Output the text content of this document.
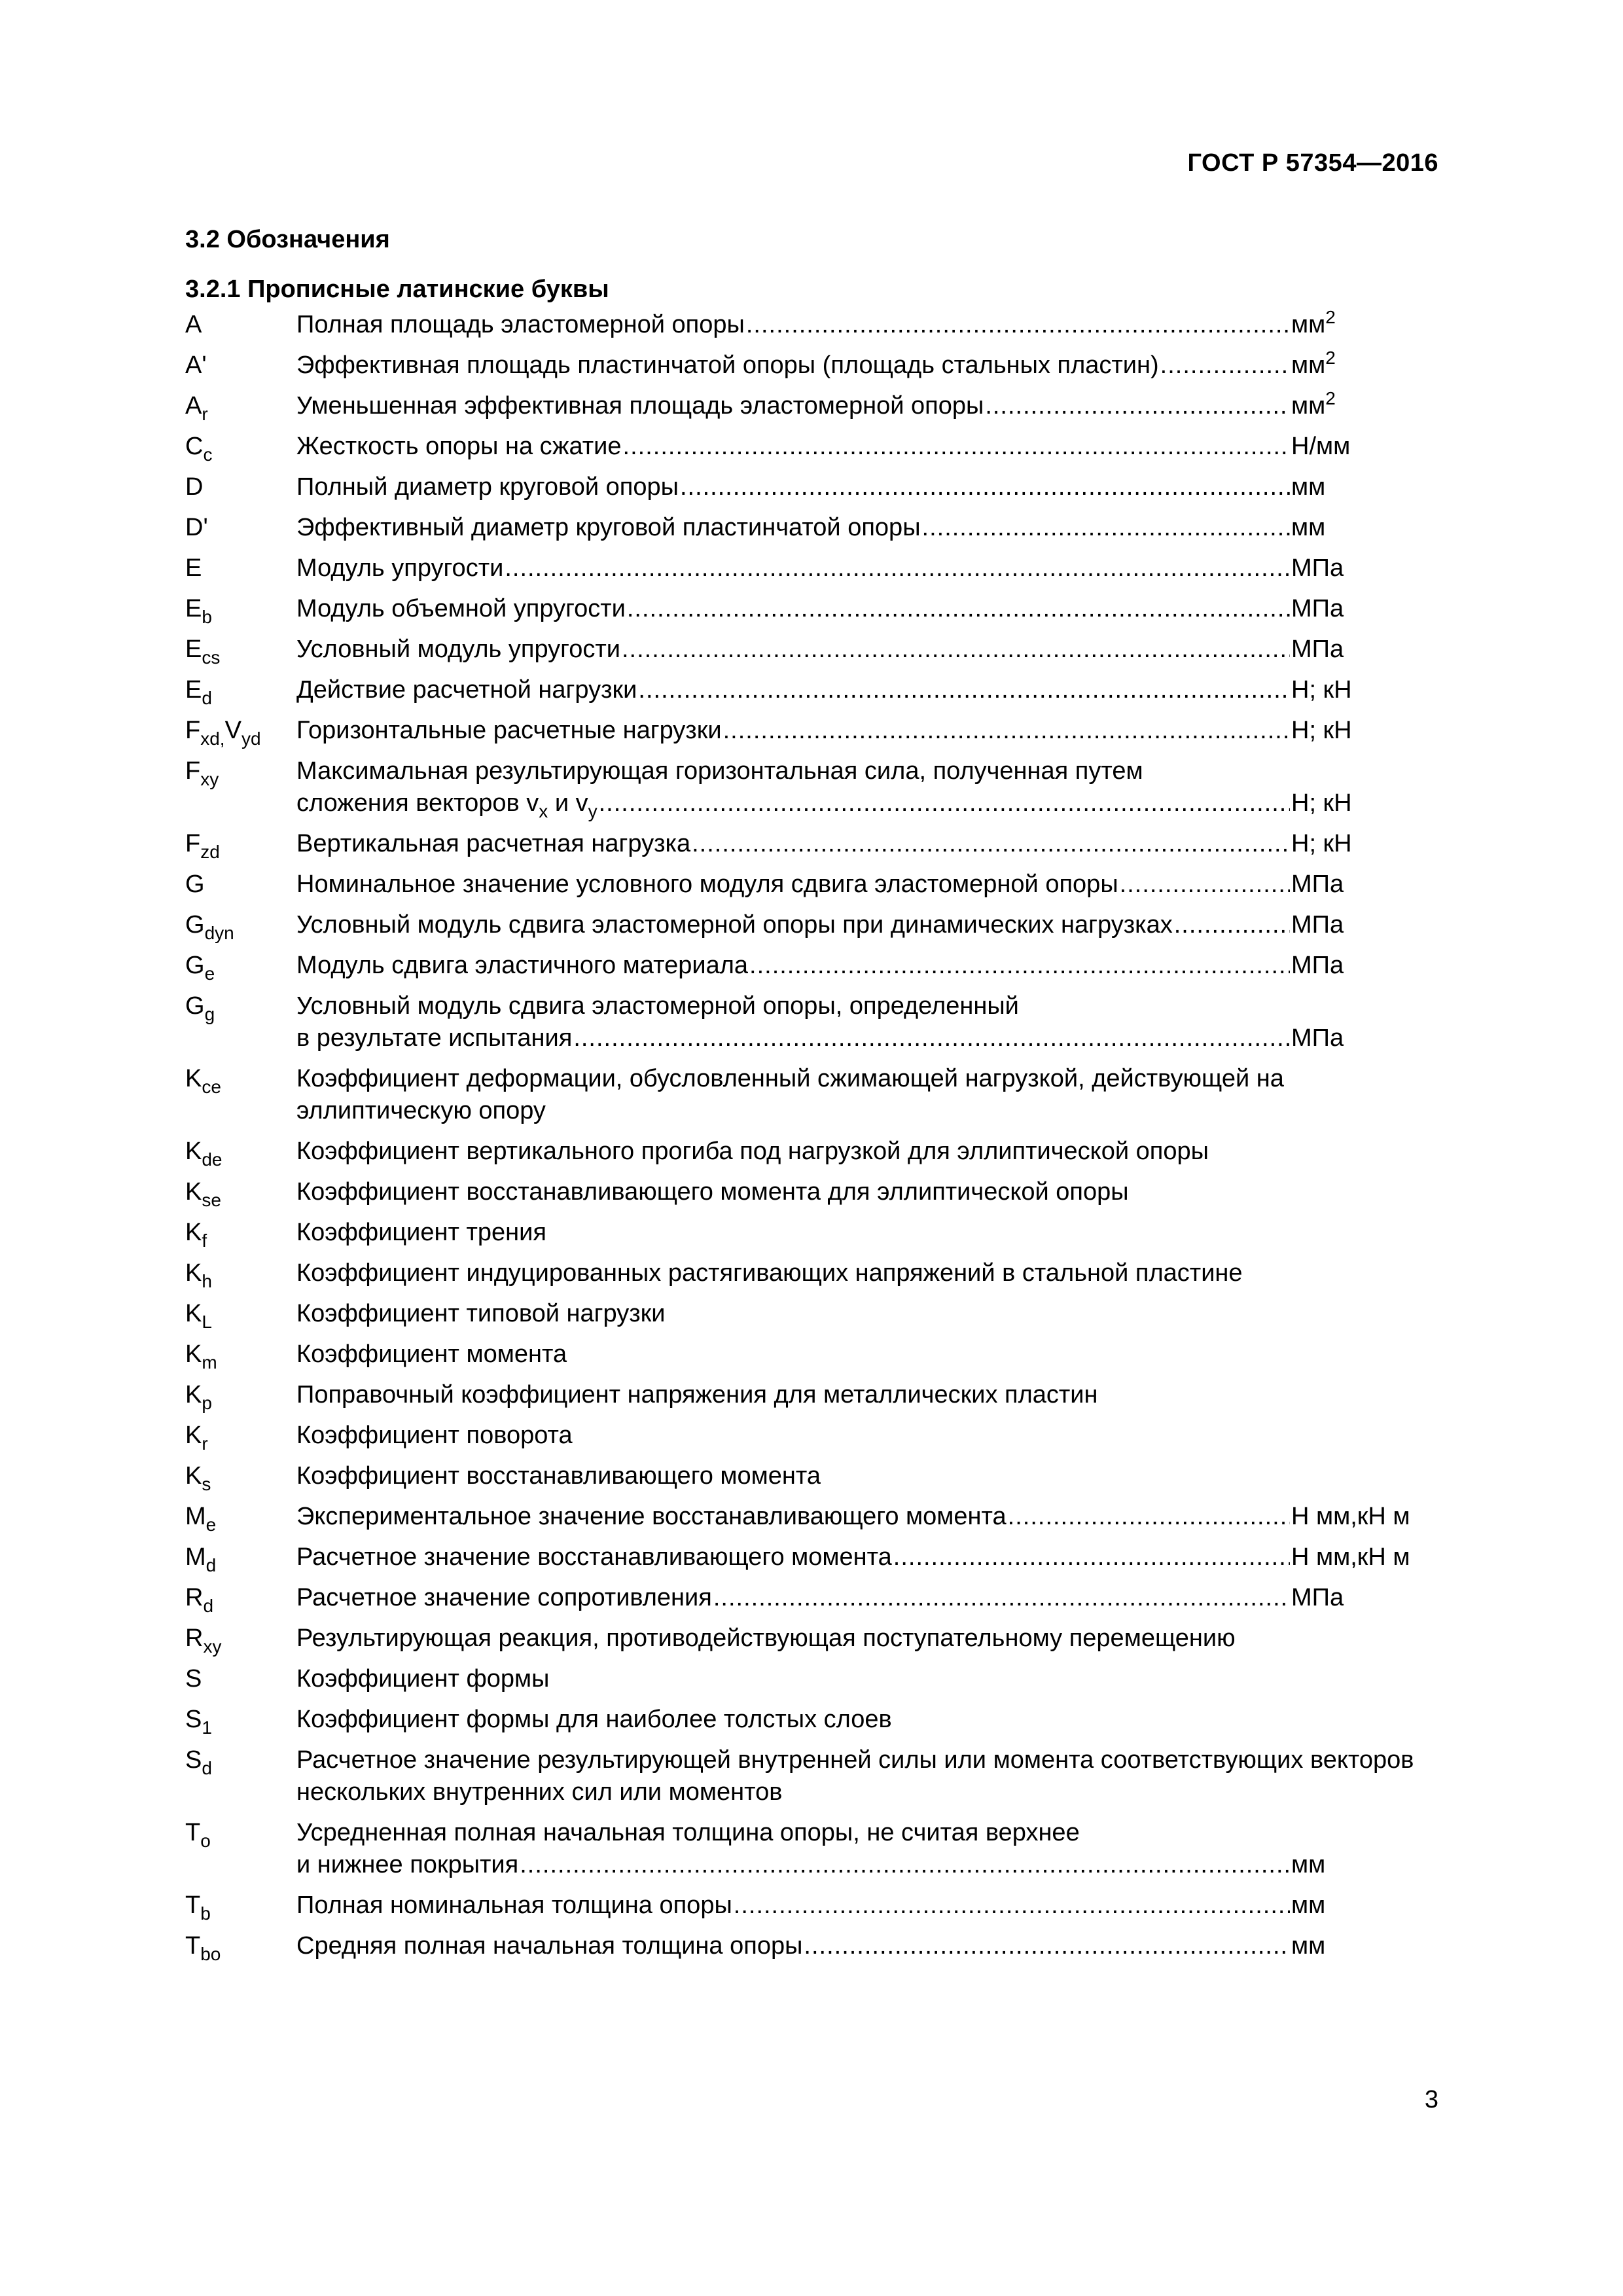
ГОСТ Р 57354—2016
3.2 Обозначения
3.2.1 Прописные латинские буквы
A	Полная площадь эластомерной опоры .....	$мм^2$
A'	Эффективная площадь пластинчатой опоры (площадь стальных пластин) .....	$мм^2$
$A_r$	Уменьшенная эффективная площадь эластомерной опоры .....	$мм^2$
$C_c$	Жесткость опоры на сжатие .....	Н/мм
D	Полный диаметр круговой опоры .....	мм
D'	Эффективный диаметр круговой пластинчатой опоры .....	мм
E	Модуль упругости .....	МПа
$E_b$	Модуль объемной упругости .....	МПа
$E_{cs}$	Условный модуль упругости .....	МПа
$E_d$	Действие расчетной нагрузки .....	Н; кН
$F_{xd,}V_{yd}$	Горизонтальные расчетные нагрузки .....	Н; кН
$F_{xy}$	Максимальная результирующая горизонтальная сила, полученная путем
сложения векторов $v_x$ и $v_y$ .....	Н; кН
$F_{zd}$	Вертикальная расчетная нагрузка .....	Н; кН
G	Номинальное значение условного модуля сдвига эластомерной опоры .....	МПа
$G_{dyn}$	Условный модуль сдвига эластомерной опоры при динамических нагрузках .....	МПа
$G_e$	Модуль сдвига эластичного материала .....	МПа
$G_g$	Условный модуль сдвига эластомерной опоры, определенный
в результате испытания .....	МПа
$K_{ce}$	Коэффициент деформации, обусловленный сжимающей нагрузкой, действующей на эллиптическую опору
$K_{de}$	Коэффициент вертикального прогиба под нагрузкой для эллиптической опоры
$K_{se}$	Коэффициент восстанавливающего момента для эллиптической опоры
$K_f$	Коэффициент трения
$K_h$	Коэффициент индуцированных растягивающих напряжений в стальной пластине
$K_L$	Коэффициент типовой нагрузки
$K_m$	Коэффициент момента
$K_p$	Поправочный коэффициент напряжения для металлических пластин
$K_r$	Коэффициент поворота
$K_s$	Коэффициент восстанавливающего момента
$M_e$	Экспериментальное значение восстанавливающего момента .....	Н мм,кН м
$M_d$	Расчетное значение восстанавливающего момента .....	Н мм,кН м
$R_d$	Расчетное значение сопротивления .....	МПа
$R_{xy}$	Результирующая реакция, противодействующая поступательному перемещению
S	Коэффициент формы
$S_1$	Коэффициент формы для наиболее толстых слоев
$S_d$	Расчетное значение результирующей внутренней силы или момента соответствующих векторов нескольких внутренних сил или моментов
$T_o$	Усредненная полная начальная толщина опоры, не считая верхнее
и нижнее покрытия .....	мм
$T_b$	Полная номинальная толщина опоры .....	мм
$T_{bo}$	Средняя полная начальная толщина опоры .....	мм
3
